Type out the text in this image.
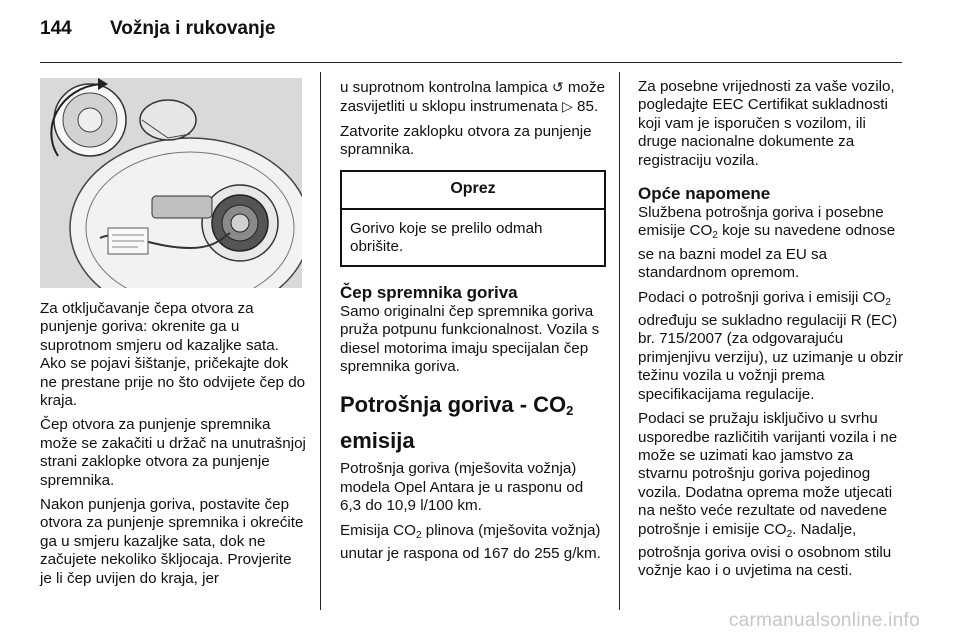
144 Vožnja i rukovanje

Za otključavanje čepa otvora za punjenje goriva: okrenite ga u suprotnom smjeru od kazaljke sata. Ako se pojavi šištanje, pričekajte dok ne prestane prije no što odvijete čep do kraja.

Čep otvora za punjenje spremnika može se zakačiti u držač na unutrašnjoj strani zaklopke otvora za punjenje spremnika.

Nakon punjenja goriva, postavite čep otvora za punjenje spremnika i okrećite ga u smjeru kazaljke sata, dok ne začujete nekoliko škljocaja. Provjerite je li čep uvijen do kraja, jer

u suprotnom kontrolna lampica ↺ može zasvijetliti u sklopu instrumenata ▷ 85.

Zatvorite zaklopku otvora za punjenje spramnika.

Oprez
Gorivo koje se prelilo odmah obrišite.
Čep spremnika goriva

Samo originalni čep spremnika goriva pruža potpunu funkcionalnost. Vozila s diesel motorima imaju specijalan čep spremnika goriva.

Potrošnja goriva - $CO_2$
emisija

Potrošnja goriva (mješovita vožnja) modela Opel Antara je u rasponu od 6,3 do 10,9 l/100 km.

Emisija $CO_2$ plinova (mješovita vožnja) unutar je raspona od 167 do 255 g/km.

Za posebne vrijednosti za vaše vozilo, pogledajte EEC Certifikat sukladnosti koji vam je isporučen s vozilom, ili druge nacionalne dokumente za registraciju vozila.

Opće napomene

Službena potrošnja goriva i posebne emisije $CO_2$ koje su navedene odnose se na bazni model za EU sa standardnom opremom.

Podaci o potrošnji goriva i emisiji $CO_2$ određuju se sukladno regulaciji R (EC) br. 715/2007 (za odgovarajuću primjenjivu verziju), uz uzimanje u obzir težinu vozila u vožnji prema specifikacijama regulacije.

Podaci se pružaju isključivo u svrhu usporedbe različitih varijanti vozila i ne može se uzimati kao jamstvo za stvarnu potrošnju goriva pojedinog vozila. Dodatna oprema može utjecati na nešto veće rezultate od navedene potrošnje i emisije $CO_2$. Nadalje, potrošnja goriva ovisi o osobnom stilu vožnje kao i o uvjetima na cesti.

carmanualsonline.info
